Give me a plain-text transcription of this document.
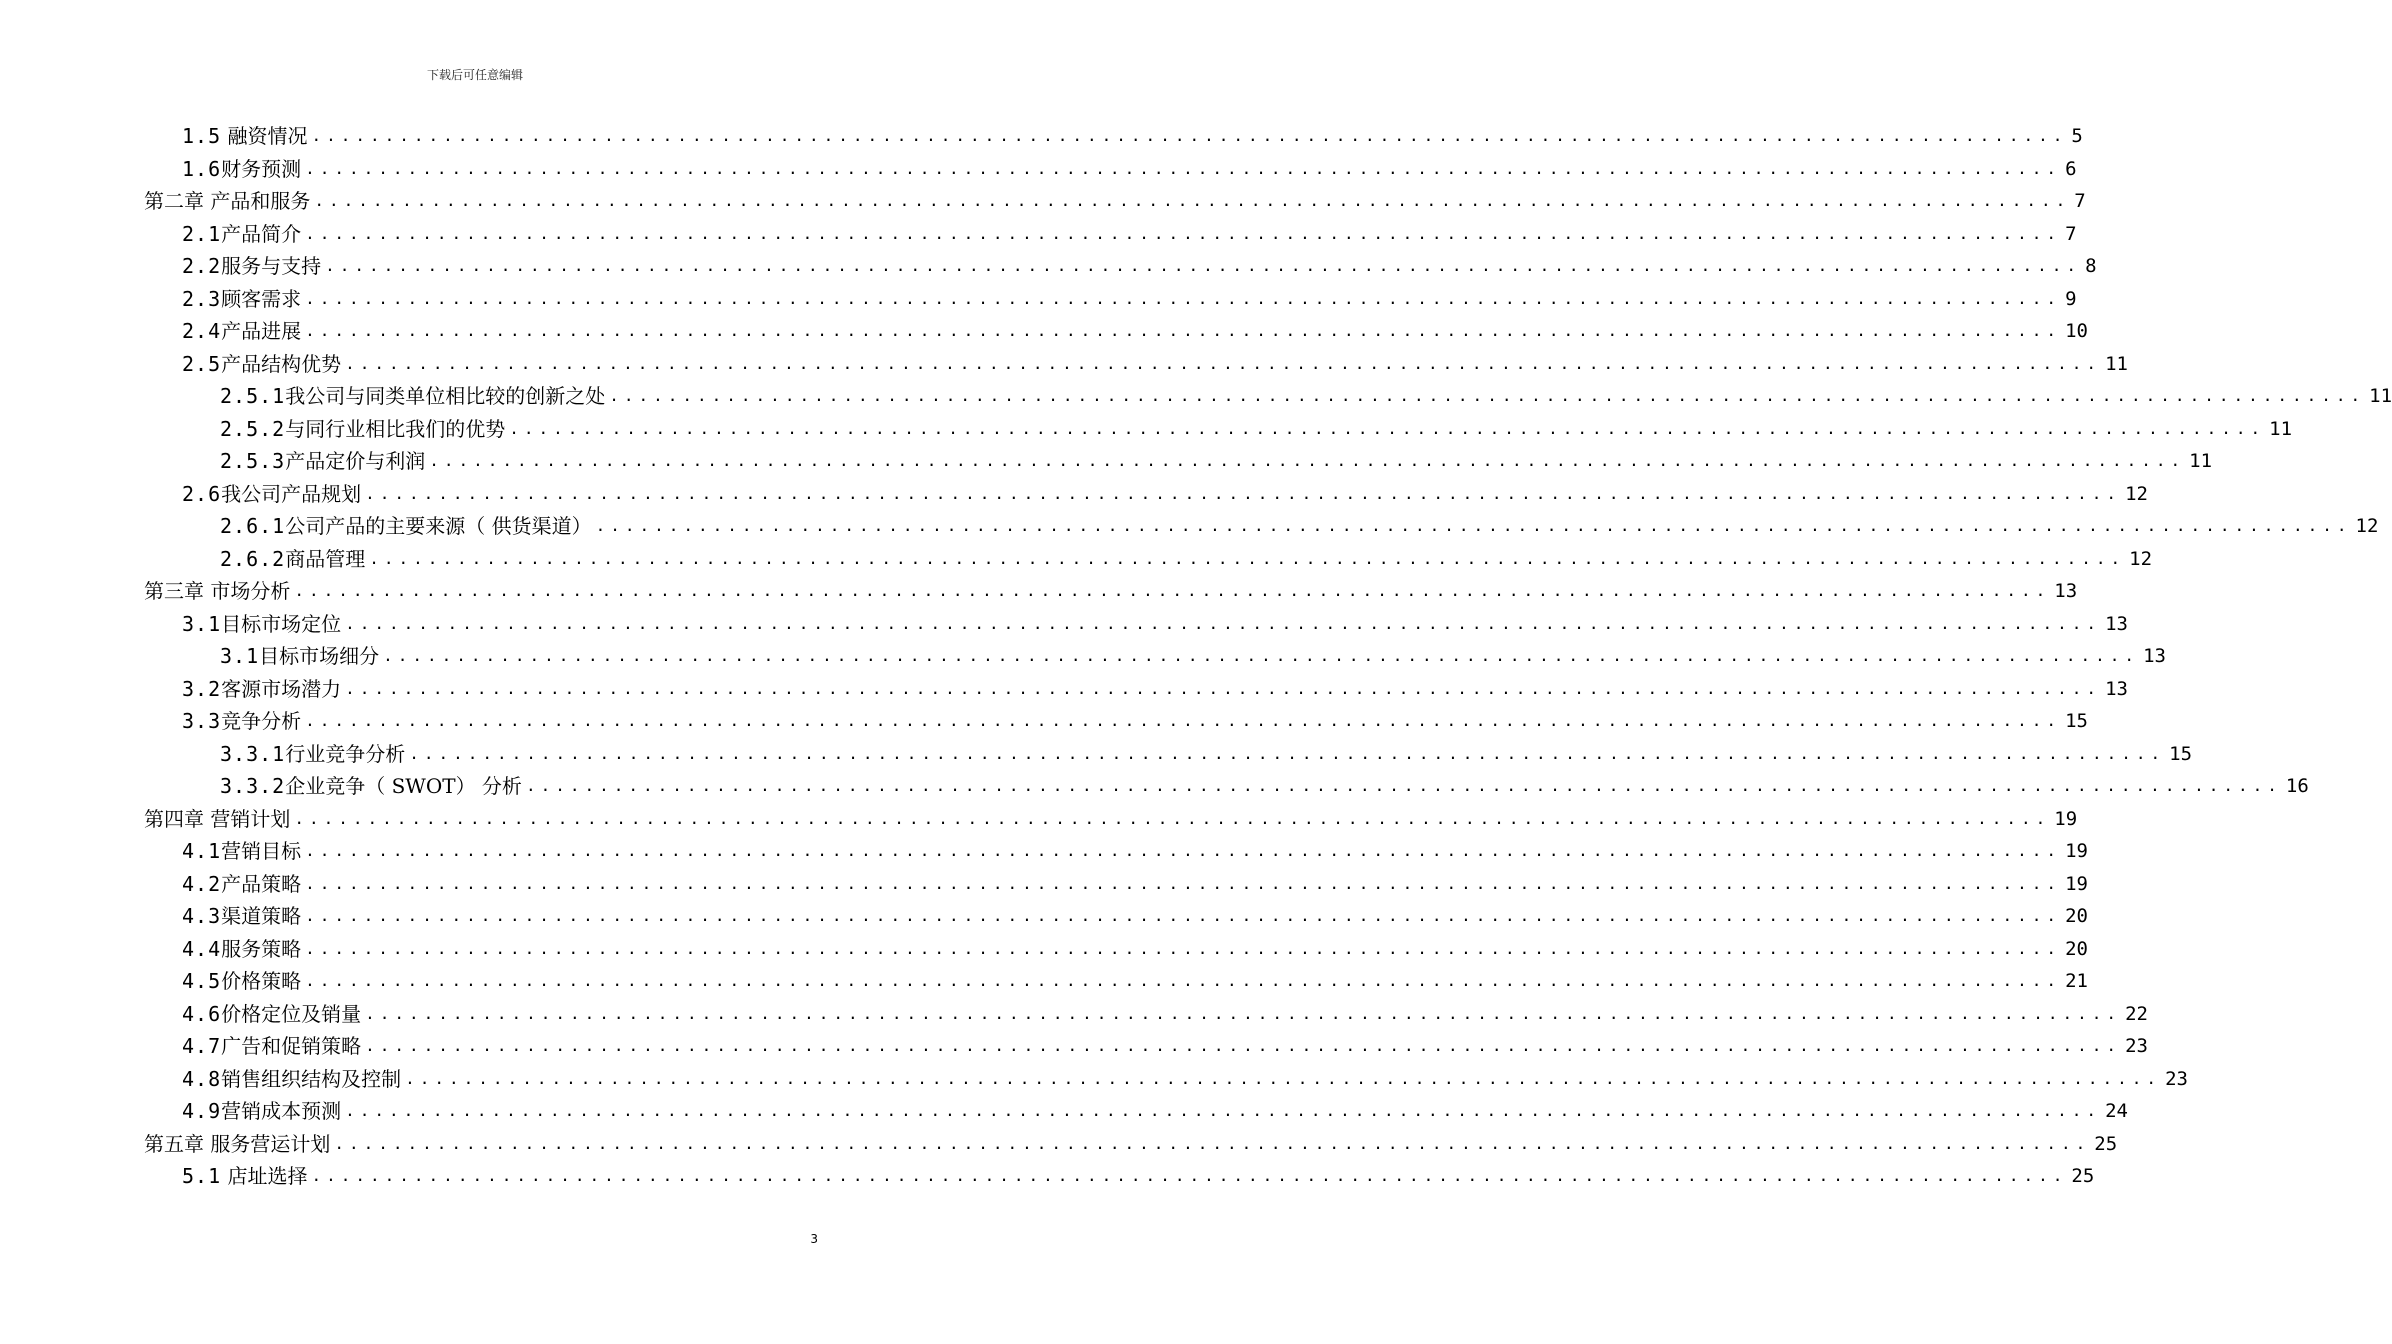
下载后可任意编辑
1.5 融资情况 ........................................................................................................................ 5
1.6财务预测 ........................................................................................................................ 6
第二章 产品和服务 ........................................................................................................................ 7
2.1产品简介 ........................................................................................................................ 7
2.2服务与支持 ........................................................................................................................ 8
2.3顾客需求 ........................................................................................................................ 9
2.4产品进展 ........................................................................................................................ 10
2.5产品结构优势 ........................................................................................................................ 11
2.5.1我公司与同类单位相比较的创新之处 ........................................................................................................................ 11
2.5.2与同行业相比我们的优势 ........................................................................................................................ 11
2.5.3产品定价与利润 ........................................................................................................................ 11
2.6我公司产品规划 ........................................................................................................................ 12
2.6.1公司产品的主要来源（ 供货渠道） ........................................................................................................................ 12
2.6.2商品管理 ........................................................................................................................ 12
第三章 市场分析 ........................................................................................................................ 13
3.1目标市场定位 ........................................................................................................................ 13
3.1目标市场细分 ........................................................................................................................ 13
3.2客源市场潜力 ........................................................................................................................ 13
3.3竞争分析 ........................................................................................................................ 15
3.3.1行业竞争分析 ........................................................................................................................ 15
3.3.2企业竞争（ SWOT） 分析 ........................................................................................................................ 16
第四章 营销计划 ........................................................................................................................ 19
4.1营销目标 ........................................................................................................................ 19
4.2产品策略 ........................................................................................................................ 19
4.3渠道策略 ........................................................................................................................ 20
4.4服务策略 ........................................................................................................................ 20
4.5价格策略 ........................................................................................................................ 21
4.6价格定位及销量 ........................................................................................................................ 22
4.7广告和促销策略 ........................................................................................................................ 23
4.8销售组织结构及控制 ........................................................................................................................ 23
4.9营销成本预测 ........................................................................................................................ 24
第五章 服务营运计划 ........................................................................................................................ 25
5.1 店址选择 ........................................................................................................................ 25
3
